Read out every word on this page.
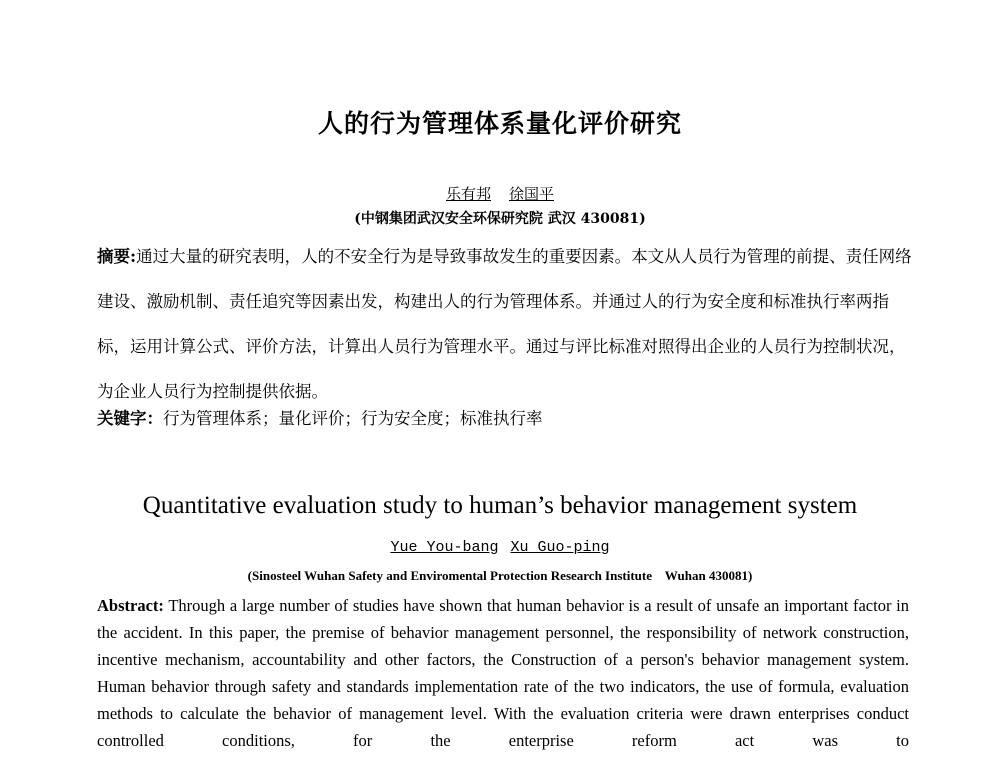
人的行为管理体系量化评价研究
乐有邦 徐国平
(中钢集团武汉安全环保研究院 武汉 430081)
摘要:通过大量的研究表明，人的不安全行为是导致事故发生的重要因素。本文从人员行为管理的前提、责任网络建设、激励机制、责任追究等因素出发，构建出人的行为管理体系。并通过人的行为安全度和标准执行率两指标，运用计算公式、评价方法，计算出人员行为管理水平。通过与评比标准对照得出企业的人员行为控制状况，为企业人员行为控制提供依据。
关键字：行为管理体系；量化评价；行为安全度；标准执行率
Quantitative evaluation study to human’s behavior management system
Yue You-bang Xu Guo-ping
(Sinosteel Wuhan Safety and Enviromental Protection Research Institute    Wuhan 430081)
Abstract: Through a large number of studies have shown that human behavior is a result of unsafe an important factor in the accident. In this paper, the premise of behavior management personnel, the responsibility of network construction, incentive mechanism, accountability and other factors, the Construction of a person's behavior management system. Human behavior through safety and standards implementation rate of the two indicators, the use of formula, evaluation methods to calculate the behavior of management level. With the evaluation criteria were drawn enterprises conduct controlled conditions, for the enterprise reform act was to
